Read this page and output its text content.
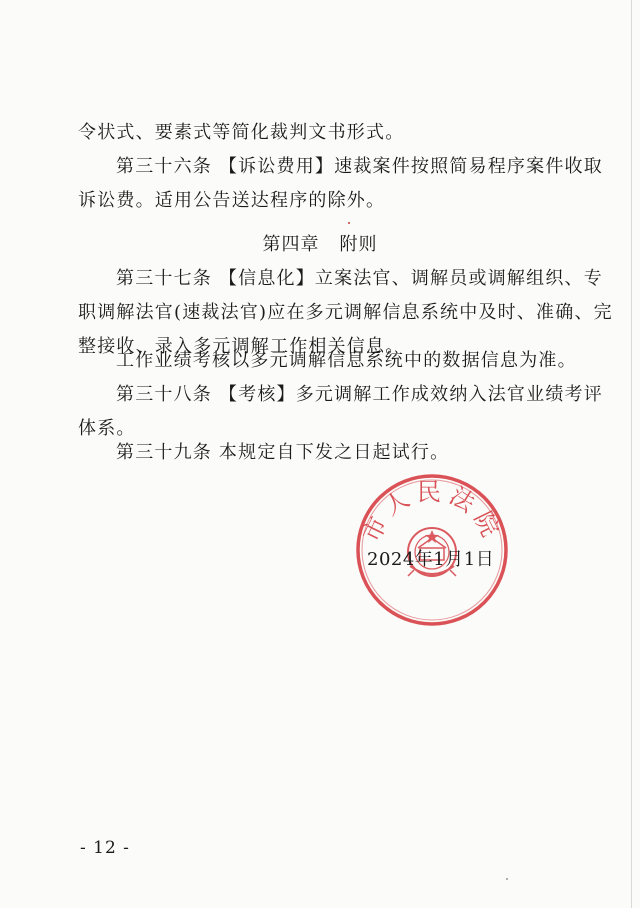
令状式、要素式等简化裁判文书形式。

第三十六条 【诉讼费用】速裁案件按照简易程序案件收取
诉讼费。适用公告送达程序的除外。

第四章 附则

第三十七条 【信息化】立案法官、调解员或调解组织、专
职调解法官(速裁法官)应在多元调解信息系统中及时、准确、完
整接收、录入多元调解工作相关信息。

工作业绩考核以多元调解信息系统中的数据信息为准。

第三十八条 【考核】多元调解工作成效纳入法官业绩考评
体系。

第三十九条 本规定自下发之日起试行。

市人民法院
2024年1月1日
- 12 -
